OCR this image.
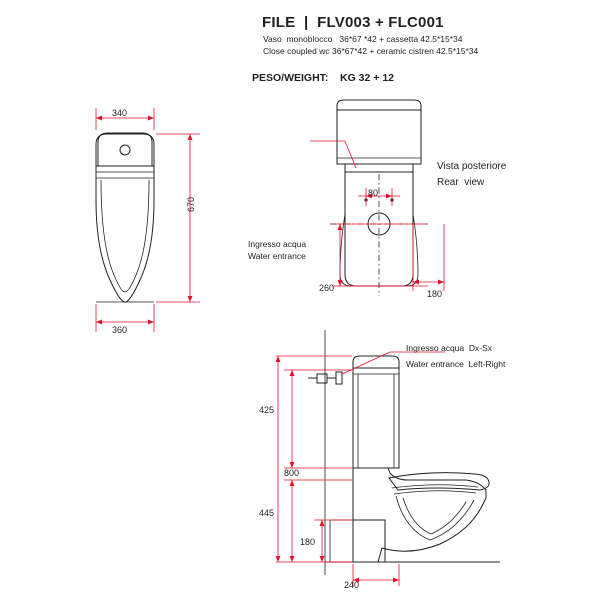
FILE  |  FLV003 + FLC001
Vaso  monoblocco   36*67 *42 + cassetta 42.5*15*34
Close coupled wc 36*67*42 + ceramic cistren 42.5*15*34
PESO/WEIGHT: KG 32 + 12
340
670
360
Vista posteriore
Rear  view
Ingresso acqua
Water entrance
80
260
180
Ingresso acqua  Dx-Sx
Water entrance  Left-Right
425
800
445
180
240
